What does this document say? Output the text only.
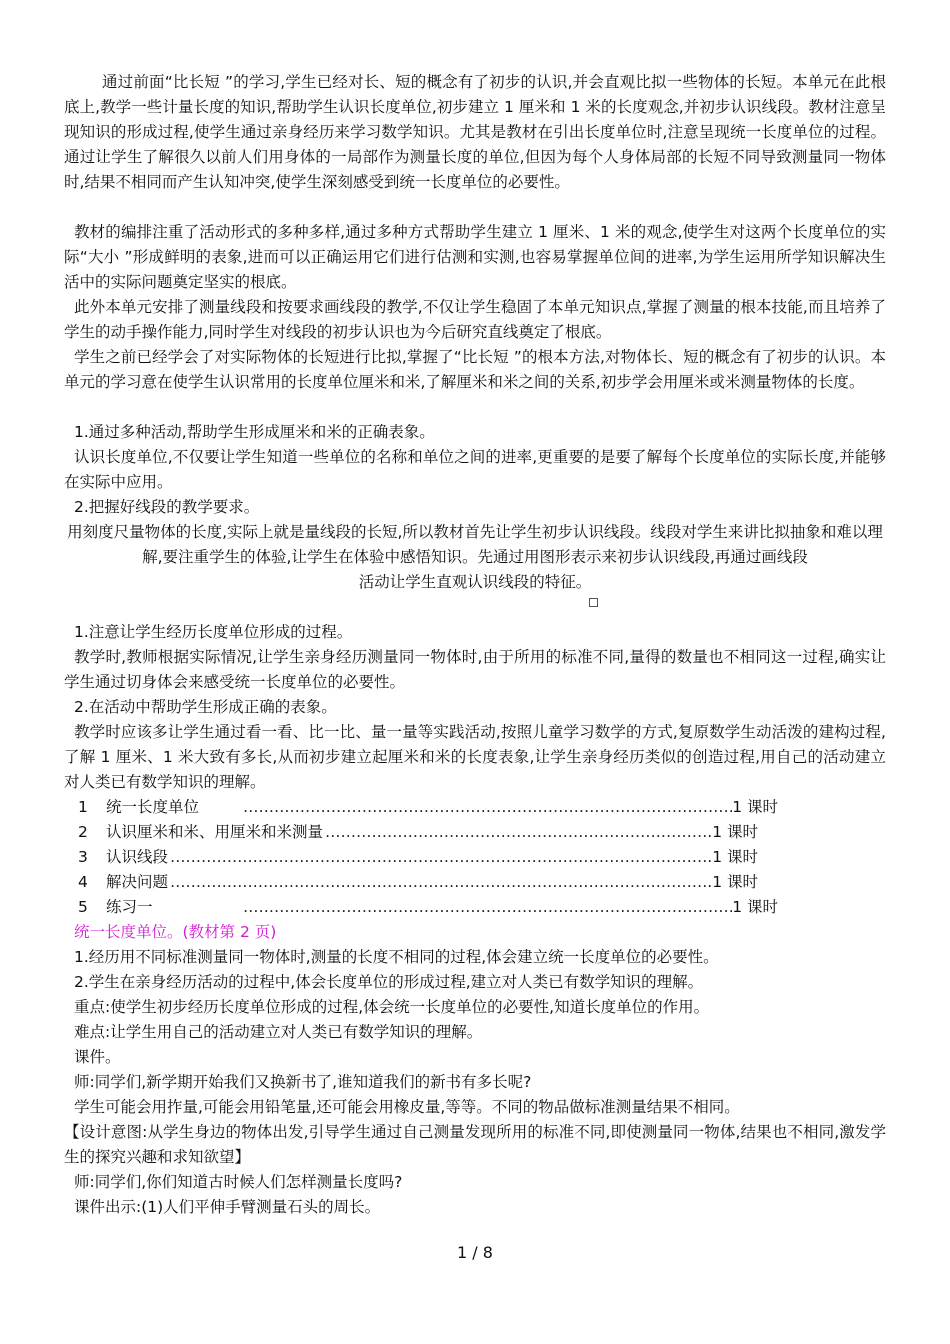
通过前面“比长短 ”的学习,学生已经对长、短的概念有了初步的认识,并会直观比拟一些物体的长短。本单元在此根底上,教学一些计量长度的知识,帮助学生认识长度单位,初步建立 1 厘米和 1 米的长度观念,并初步认识线段。教材注意呈现知识的形成过程,使学生通过亲身经历来学习数学知识。尤其是教材在引出长度单位时,注意呈现统一长度单位的过程。通过让学生了解很久以前人们用身体的一局部作为测量长度的单位,但因为每个人身体局部的长短不同导致测量同一物体时,结果不相同而产生认知冲突,使学生深刻感受到统一长度单位的必要性。

教材的编排注重了活动形式的多种多样,通过多种方式帮助学生建立 1 厘米、1 米的观念,使学生对这两个长度单位的实际“大小 ”形成鲜明的表象,进而可以正确运用它们进行估测和实测,也容易掌握单位间的进率,为学生运用所学知识解决生活中的实际问题奠定坚实的根底。

此外本单元安排了测量线段和按要求画线段的教学,不仅让学生稳固了本单元知识点,掌握了测量的根本技能,而且培养了学生的动手操作能力,同时学生对线段的初步认识也为今后研究直线奠定了根底。

学生之前已经学会了对实际物体的长短进行比拟,掌握了“比长短 ”的根本方法,对物体长、短的概念有了初步的认识。本单元的学习意在使学生认识常用的长度单位厘米和米,了解厘米和米之间的关系,初步学会用厘米或米测量物体的长度。

1.通过多种活动,帮助学生形成厘米和米的正确表象。

认识长度单位,不仅要让学生知道一些单位的名称和单位之间的进率,更重要的是要了解每个长度单位的实际长度,并能够在实际中应用。

2.把握好线段的教学要求。

用刻度尺量物体的长度,实际上就是量线段的长短,所以教材首先让学生初步认识线段。线段对学生来讲比拟抽象和难以理解,要注重学生的体验,让学生在体验中感悟知识。先通过用图形表示来初步认识线段,再通过画线段

活动让学生直观认识线段的特征。

1.注意让学生经历长度单位形成的过程。

教学时,教师根据实际情况,让学生亲身经历测量同一物体时,由于所用的标准不同,量得的数量也不相同这一过程,确实让学生通过切身体会来感受统一长度单位的必要性。

2.在活动中帮助学生形成正确的表象。

教学时应该多让学生通过看一看、比一比、量一量等实践活动,按照儿童学习数学的方式,复原数学生动活泼的建构过程,了解 1 厘米、1 米大致有多长,从而初步建立起厘米和米的长度表象,让学生亲身经历类似的创造过程,用自己的活动建立对人类已有数学知识的理解。

1	统一长度单位 …………………………………………………………………………………………………………………………………………………	1 课时
2	认识厘米和米、用厘米和米测量 …………………………………………………………………………………………………………………………………………………	.1 课时
3	认识线段 …………………………………………………………………………………………………………………………………………………	.1 课时
4	解决问题 …………………………………………………………………………………………………………………………………………………	.1 课时
5	练习一 …………………………………………………………………………………………………………………………………………………	1 课时

统一长度单位。(教材第 2 页)

1.经历用不同标准测量同一物体时,测量的长度不相同的过程,体会建立统一长度单位的必要性。

2.学生在亲身经历活动的过程中,体会长度单位的形成过程,建立对人类已有数学知识的理解。

重点:使学生初步经历长度单位形成的过程,体会统一长度单位的必要性,知道长度单位的作用。

难点:让学生用自己的活动建立对人类已有数学知识的理解。

课件。

师:同学们,新学期开始我们又换新书了,谁知道我们的新书有多长呢?

学生可能会用拃量,可能会用铅笔量,还可能会用橡皮量,等等。不同的物品做标准测量结果不相同。

【设计意图:从学生身边的物体出发,引导学生通过自己测量发现所用的标准不同,即使测量同一物体,结果也不相同,激发学生的探究兴趣和求知欲望】

师:同学们,你们知道古时候人们怎样测量长度吗?

课件出示:(1)人们平伸手臂测量石头的周长。

1 / 8
